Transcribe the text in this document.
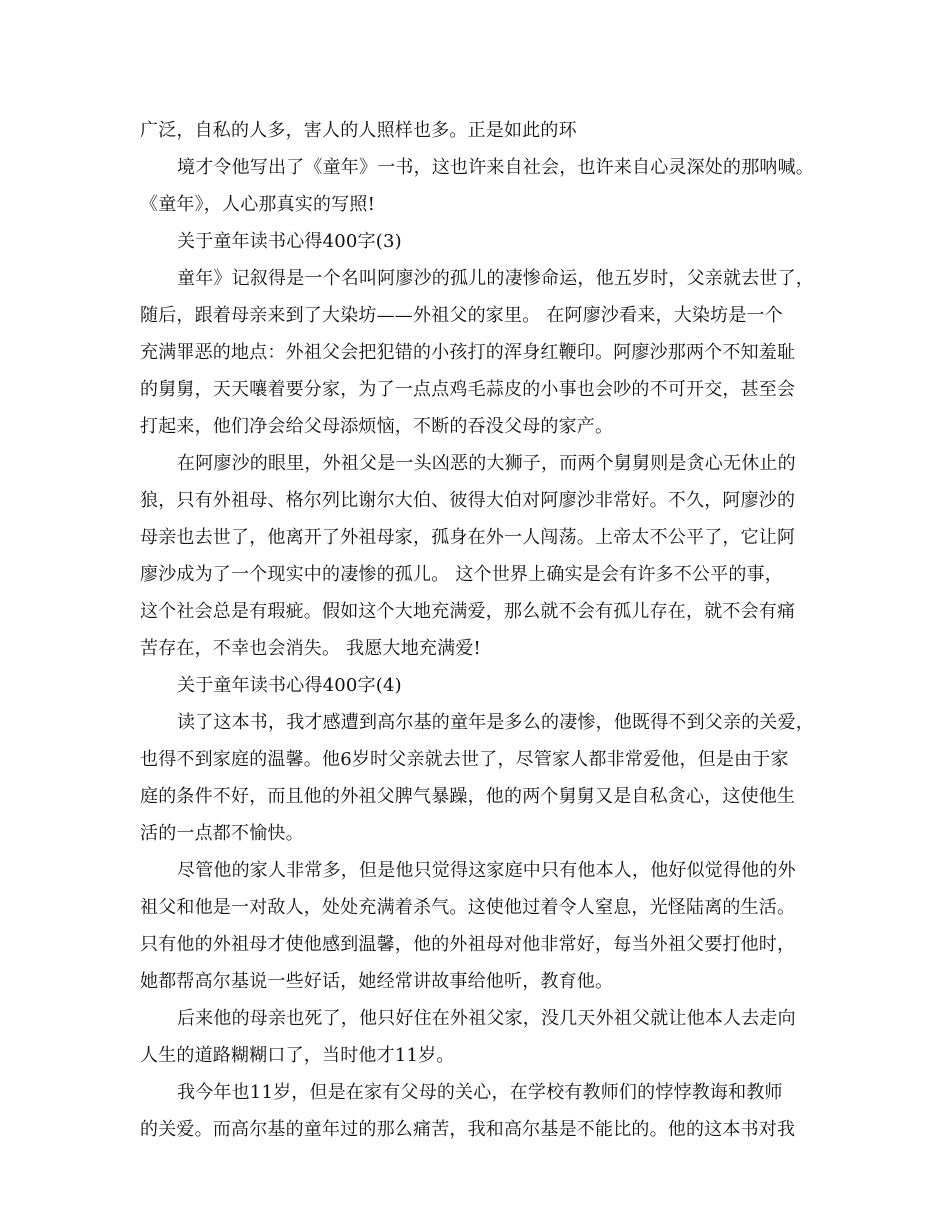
广泛，自私的人多，害人的人照样也多。正是如此的环
境才令他写出了《童年》一书，这也许来自社会，也许来自心灵深处的那呐喊。
《童年》，人心那真实的写照!
关于童年读书心得400字(3)
童年》记叙得是一个名叫阿廖沙的孤儿的凄惨命运，他五岁时，父亲就去世了，
随后，跟着母亲来到了大染坊——外祖父的家里。 在阿廖沙看来，大染坊是一个
充满罪恶的地点：外祖父会把犯错的小孩打的浑身红鞭印。阿廖沙那两个不知羞耻
的舅舅，天天嚷着要分家，为了一点点鸡毛蒜皮的小事也会吵的不可开交，甚至会
打起来，他们净会给父母添烦恼，不断的吞没父母的家产。
在阿廖沙的眼里，外祖父是一头凶恶的大狮子，而两个舅舅则是贪心无休止的
狼，只有外祖母、格尔列比谢尔大伯、彼得大伯对阿廖沙非常好。不久，阿廖沙的
母亲也去世了，他离开了外祖母家，孤身在外一人闯荡。上帝太不公平了，它让阿
廖沙成为了一个现实中的凄惨的孤儿。 这个世界上确实是会有许多不公平的事，
这个社会总是有瑕疵。假如这个大地充满爱，那么就不会有孤儿存在，就不会有痛
苦存在，不幸也会消失。 我愿大地充满爱!
关于童年读书心得400字(4)
读了这本书，我才感遭到高尔基的童年是多么的凄惨，他既得不到父亲的关爱，
也得不到家庭的温馨。他6岁时父亲就去世了，尽管家人都非常爱他，但是由于家
庭的条件不好，而且他的外祖父脾气暴躁，他的两个舅舅又是自私贪心，这使他生
活的一点都不愉快。
尽管他的家人非常多，但是他只觉得这家庭中只有他本人，他好似觉得他的外
祖父和他是一对敌人，处处充满着杀气。这使他过着令人窒息，光怪陆离的生活。
只有他的外祖母才使他感到温馨，他的外祖母对他非常好，每当外祖父要打他时，
她都帮高尔基说一些好话，她经常讲故事给他听，教育他。
后来他的母亲也死了，他只好住在外祖父家，没几天外祖父就让他本人去走向
人生的道路糊糊口了，当时他才11岁。
我今年也11岁，但是在家有父母的关心，在学校有教师们的悖悖教诲和教师
的关爱。而高尔基的童年过的那么痛苦，我和高尔基是不能比的。他的这本书对我
